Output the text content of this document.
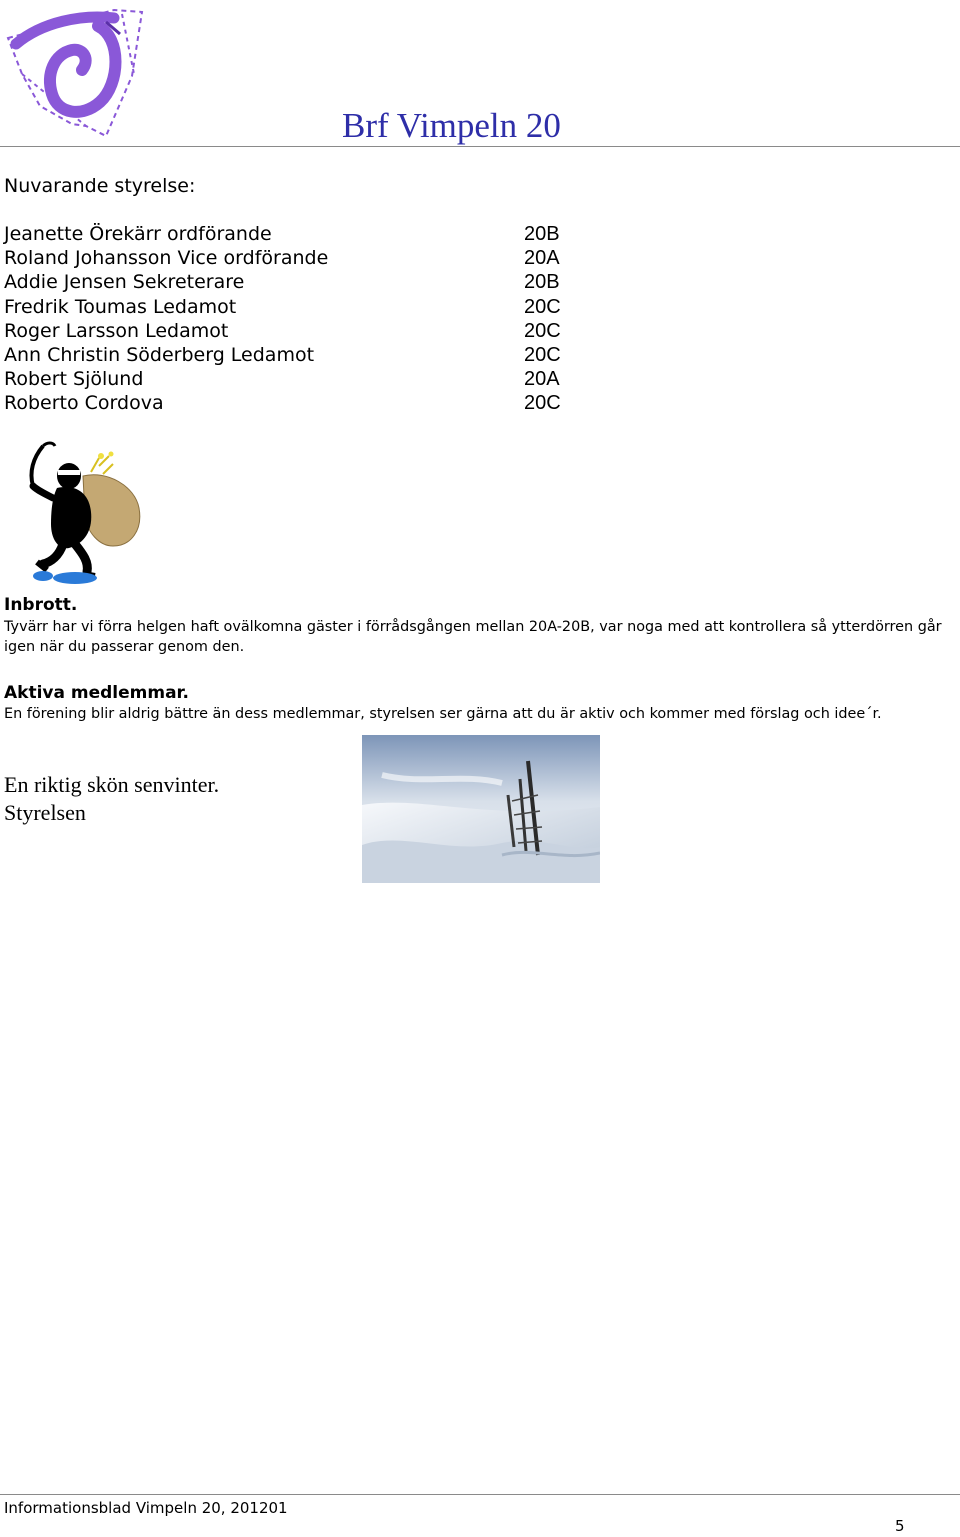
Brf Vimpeln 20
Nuvarande styrelse:
Jeanette Örekärr ordförande	20B
Roland Johansson Vice ordförande	20A
Addie Jensen Sekreterare	20B
Fredrik Toumas Ledamot	20C
Roger Larsson Ledamot	20C
Ann Christin Söderberg Ledamot	20C
Robert Sjölund	20A
Roberto Cordova	20C
Inbrott.
Tyvärr har vi förra helgen haft ovälkomna gäster i förrådsgången mellan 20A-20B, var noga med att kontrollera så ytterdörren går igen när du passerar genom den.
Aktiva medlemmar.
En förening blir aldrig bättre än dess medlemmar, styrelsen ser gärna att du är aktiv och kommer med förslag och idee´r.
En riktig skön senvinter.
Styrelsen
Informationsblad Vimpeln 20, 201201
5
